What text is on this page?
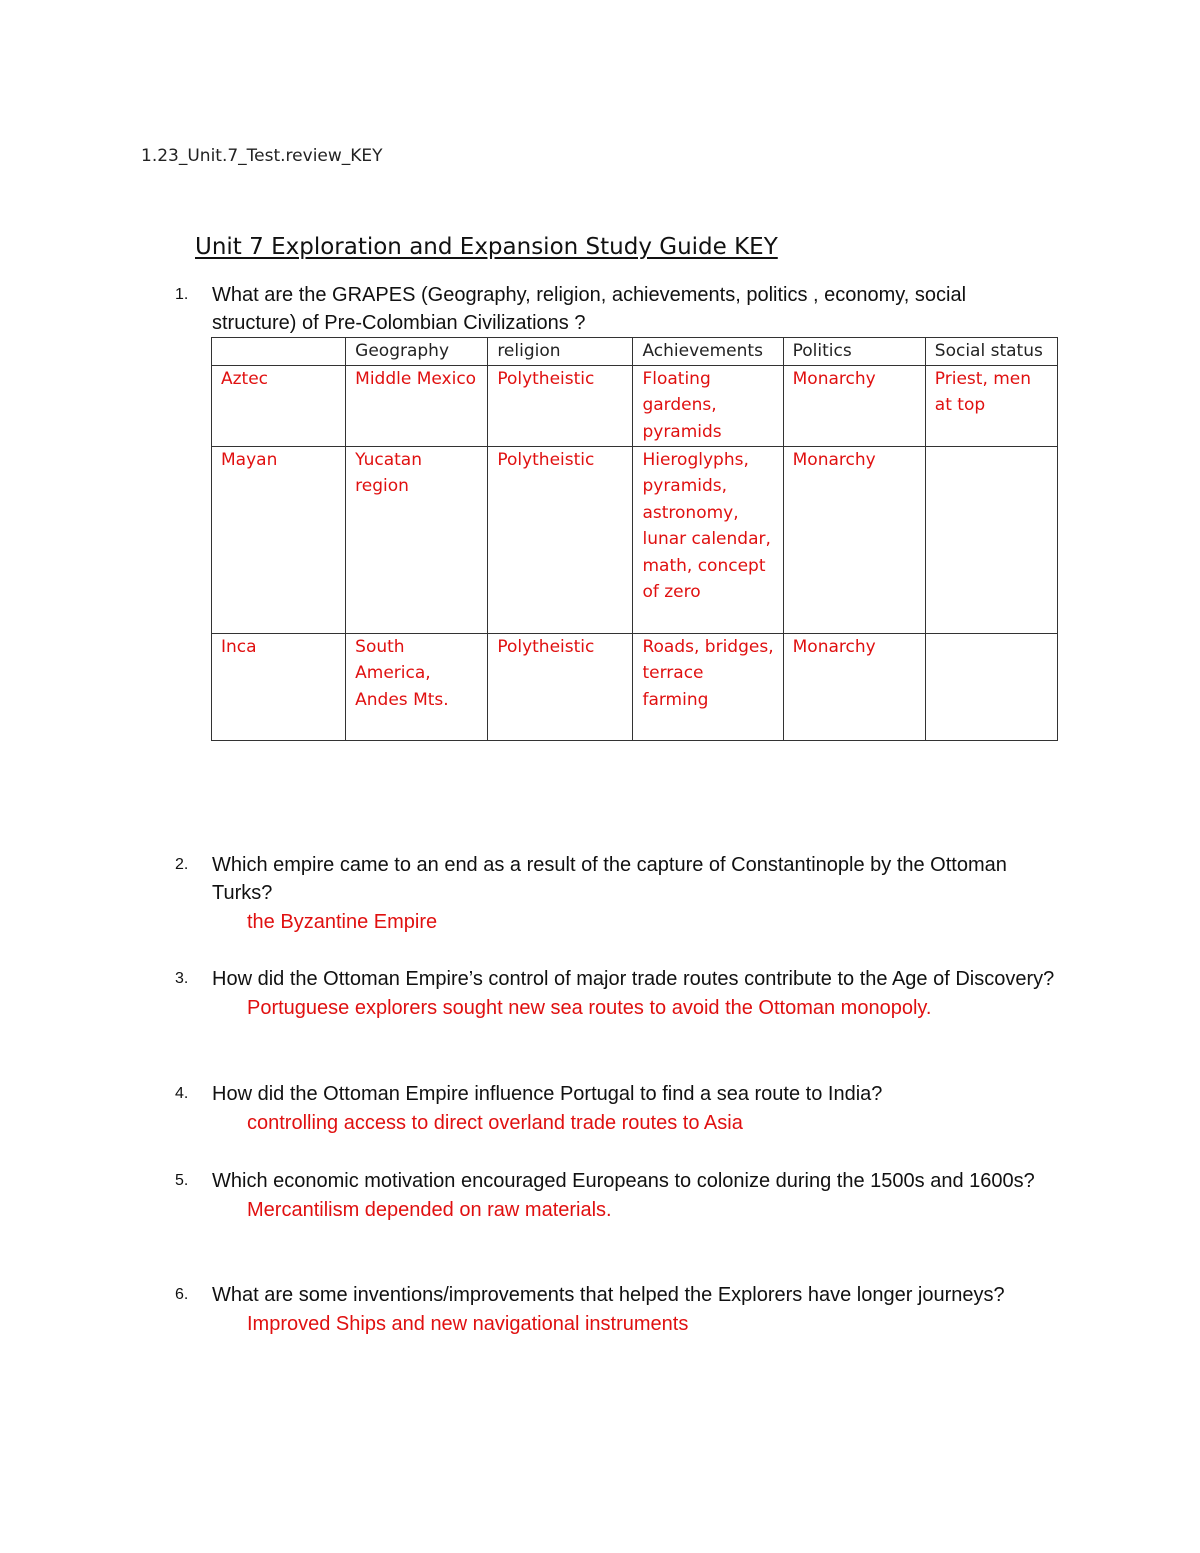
1.23_Unit.7_Test.review_KEY
Unit 7 Exploration and Expansion Study Guide KEY
1. What are the GRAPES (Geography, religion, achievements, politics , economy, social structure) of Pre-Colombian Civilizations ?
	Geography	religion	Achievements	Politics	Social status
Aztec	Middle Mexico	Polytheistic	Floating gardens, pyramids	Monarchy	Priest, men at top
Mayan	Yucatan region	Polytheistic	Hieroglyphs, pyramids, astronomy, lunar calendar, math, concept of zero	Monarchy	
Inca	South America, Andes Mts.	Polytheistic	Roads, bridges, terrace farming	Monarchy	
2. Which empire came to an end as a result of the capture of Constantinople by the Ottoman Turks?
the Byzantine Empire
3. How did the Ottoman Empire’s control of major trade routes contribute to the Age of Discovery?
Portuguese explorers sought new sea routes to avoid the Ottoman monopoly.
4. How did the Ottoman Empire influence Portugal to find a sea route to India?
controlling access to direct overland trade routes to Asia
5. Which economic motivation encouraged Europeans to colonize during the 1500s and 1600s?
Mercantilism depended on raw materials.
6. What are some inventions/improvements that helped the Explorers have longer journeys?
Improved Ships and new navigational instruments
